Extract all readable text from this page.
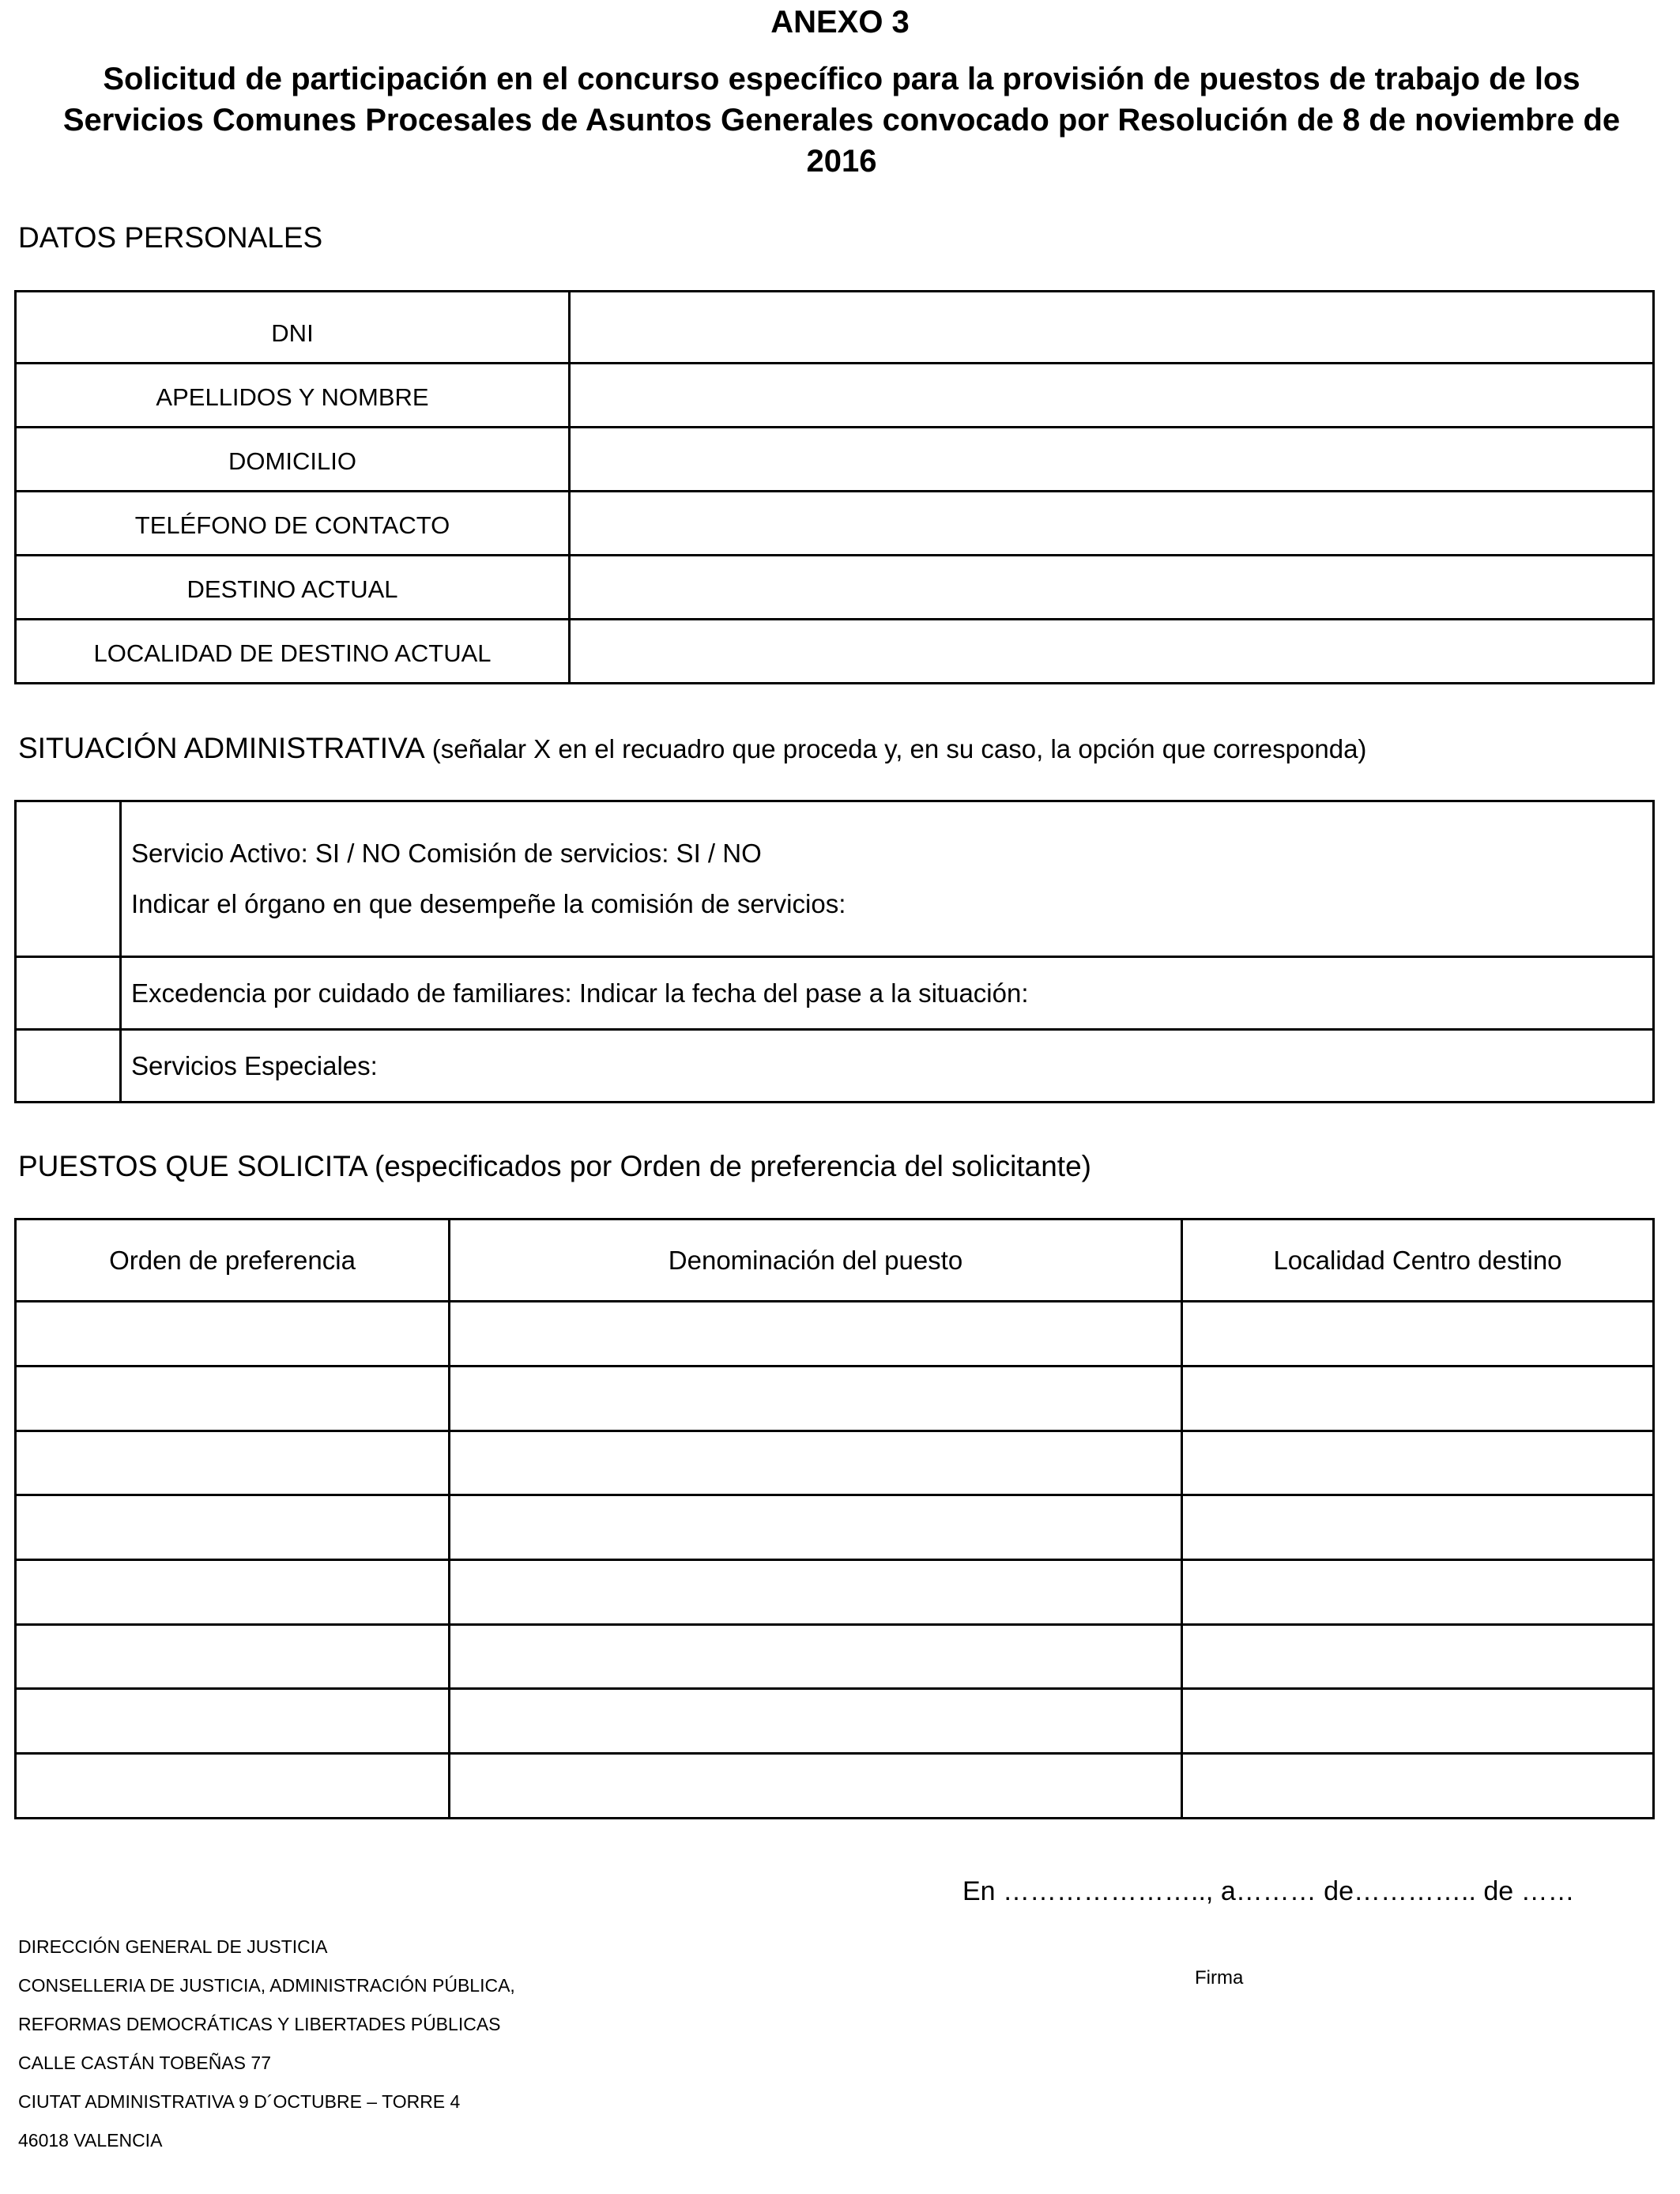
ANEXO 3
Solicitud de participación en el concurso específico para la provisión de puestos de trabajo de los Servicios Comunes Procesales de Asuntos Generales convocado por Resolución de 8 de noviembre de 2016
DATOS PERSONALES
DNI	
APELLIDOS Y NOMBRE	
DOMICILIO	
TELÉFONO DE CONTACTO	
DESTINO ACTUAL	
LOCALIDAD DE DESTINO ACTUAL	
SITUACIÓN ADMINISTRATIVA (señalar X en el recuadro que proceda y, en su caso, la opción que corresponda)

	Servicio Activo: SI / NO Comisión de servicios: SI / NO

Indicar el órgano en que desempeñe la comisión de servicios:

	Excedencia por cuidado de familiares: Indicar la fecha del pase a la situación:
	Servicios Especiales:
PUESTOS QUE SOLICITA (especificados por Orden de preferencia del solicitante)
Orden de preferencia	Denominación del puesto	Localidad Centro destino

En ………………….., a……… de………….. de ……
Firma
DIRECCIÓN GENERAL DE JUSTICIA
CONSELLERIA DE JUSTICIA, ADMINISTRACIÓN PÚBLICA,
REFORMAS DEMOCRÁTICAS Y LIBERTADES PÚBLICAS
CALLE CASTÁN TOBEÑAS 77
CIUTAT ADMINISTRATIVA 9 D´OCTUBRE – TORRE 4
46018 VALENCIA
